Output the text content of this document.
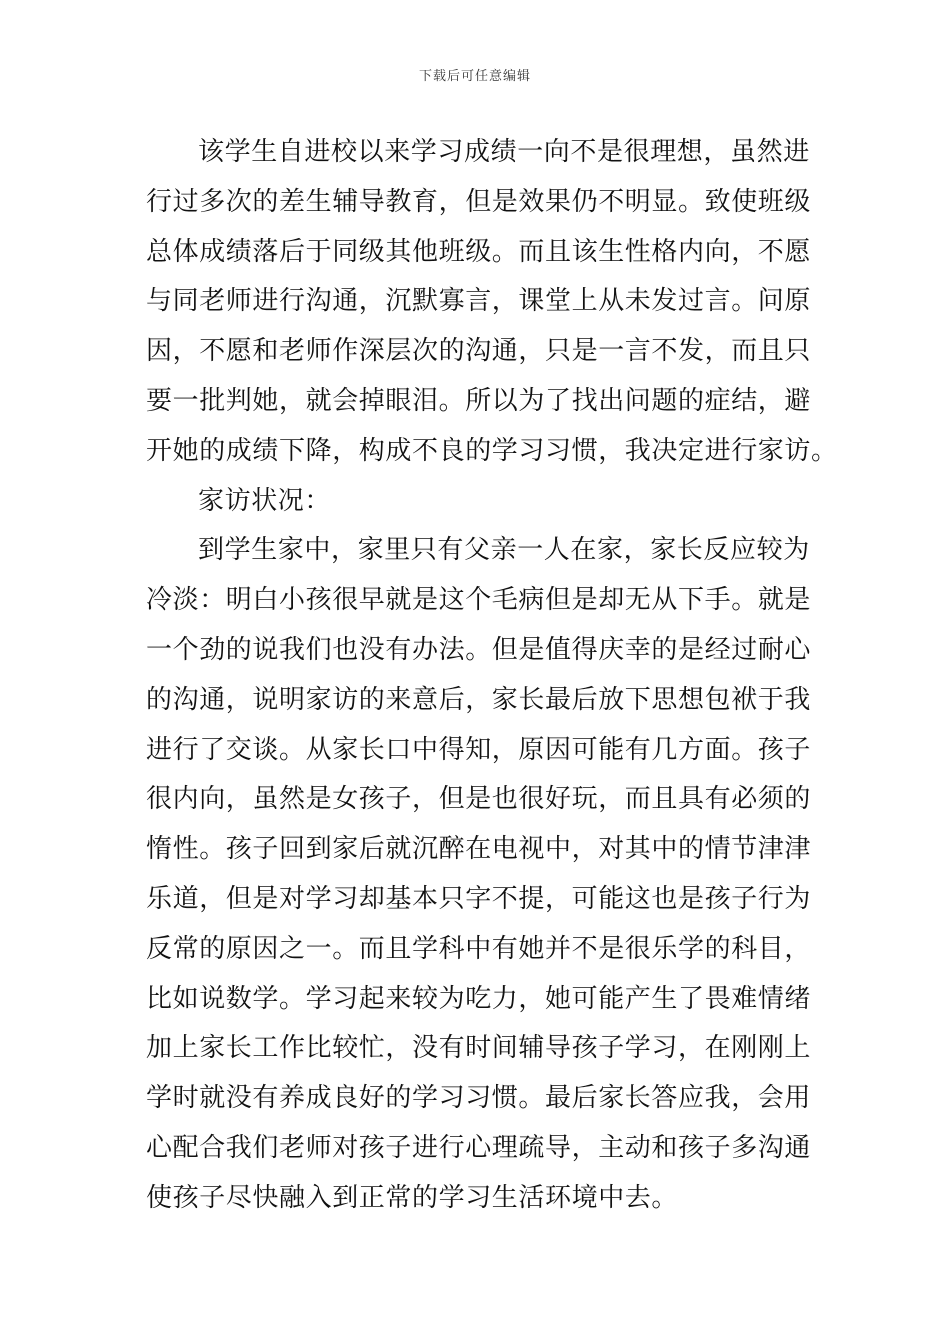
下载后可任意编辑
该学生自进校以来学习成绩一向不是很理想，虽然进
行过多次的差生辅导教育，但是效果仍不明显。致使班级
总体成绩落后于同级其他班级。而且该生性格内向，不愿
与同老师进行沟通，沉默寡言，课堂上从未发过言。问原
因，不愿和老师作深层次的沟通，只是一言不发，而且只
要一批判她，就会掉眼泪。所以为了找出问题的症结，避
开她的成绩下降，构成不良的学习习惯，我决定进行家访。
家访状况：
到学生家中，家里只有父亲一人在家，家长反应较为
冷淡：明白小孩很早就是这个毛病但是却无从下手。就是
一个劲的说我们也没有办法。但是值得庆幸的是经过耐心
的沟通，说明家访的来意后，家长最后放下思想包袱于我
进行了交谈。从家长口中得知，原因可能有几方面。孩子
很内向，虽然是女孩子，但是也很好玩，而且具有必须的
惰性。孩子回到家后就沉醉在电视中，对其中的情节津津
乐道，但是对学习却基本只字不提，可能这也是孩子行为
反常的原因之一。而且学科中有她并不是很乐学的科目，
比如说数学。学习起来较为吃力，她可能产生了畏难情绪
加上家长工作比较忙，没有时间辅导孩子学习，在刚刚上
学时就没有养成良好的学习习惯。最后家长答应我，会用
心配合我们老师对孩子进行心理疏导，主动和孩子多沟通
使孩子尽快融入到正常的学习生活环境中去。
